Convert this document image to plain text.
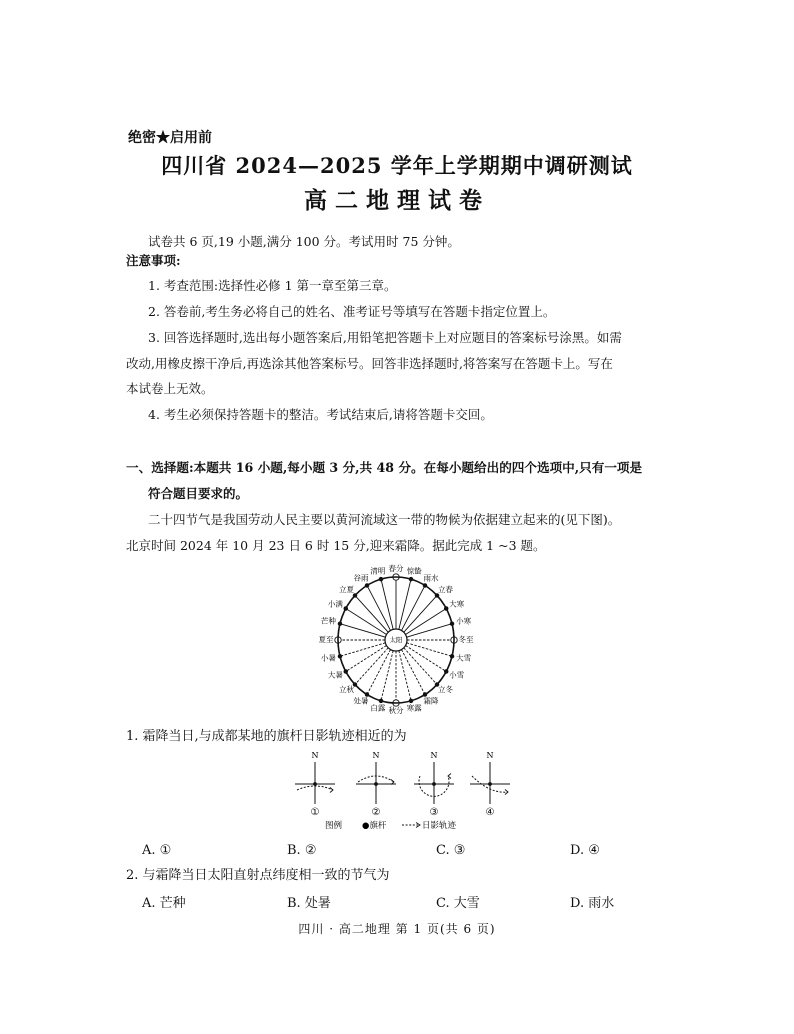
绝密★启用前
四川省 2024—2025 学年上学期期中调研测试
高二地理试卷
试卷共 6 页,19 小题,满分 100 分。考试用时 75 分钟。
注意事项:
1. 考查范围:选择性必修 1 第一章至第三章。
2. 答卷前,考生务必将自己的姓名、准考证号等填写在答题卡指定位置上。
3. 回答选择题时,选出每小题答案后,用铅笔把答题卡上对应题目的答案标号涂黑。如需
改动,用橡皮擦干净后,再选涂其他答案标号。回答非选择题时,将答案写在答题卡上。写在
本试卷上无效。
4. 考生必须保持答题卡的整洁。考试结束后,请将答题卡交回。
一、选择题:本题共 16 小题,每小题 3 分,共 48 分。在每小题给出的四个选项中,只有一项是
符合题目要求的。
二十四节气是我国劳动人民主要以黄河流域这一带的物候为依据建立起来的(见下图)。
北京时间 2024 年 10 月 23 日 6 时 15 分,迎来霜降。据此完成 1 ~3 题。
太阳
春分 惊蛰
雨水
立春
大寒
小寒
冬至
大雪
小雪
立冬
霜降
寒露
秋分
白露
处暑
立秋
大暑
小暑
夏至
芒种
小满
立夏
谷雨
清明
1. 霜降当日,与成都某地的旗杆日影轨迹相近的为
N
①
N
②
N
③
N
④
图例 ●旗杆	日影轨迹
A. ①	B. ②	C. ③	D. ④
2. 与霜降当日太阳直射点纬度相一致的节气为
A. 芒种	B. 处暑	C. 大雪	D. 雨水
四川 · 高二地理 第 1 页(共 6 页)
